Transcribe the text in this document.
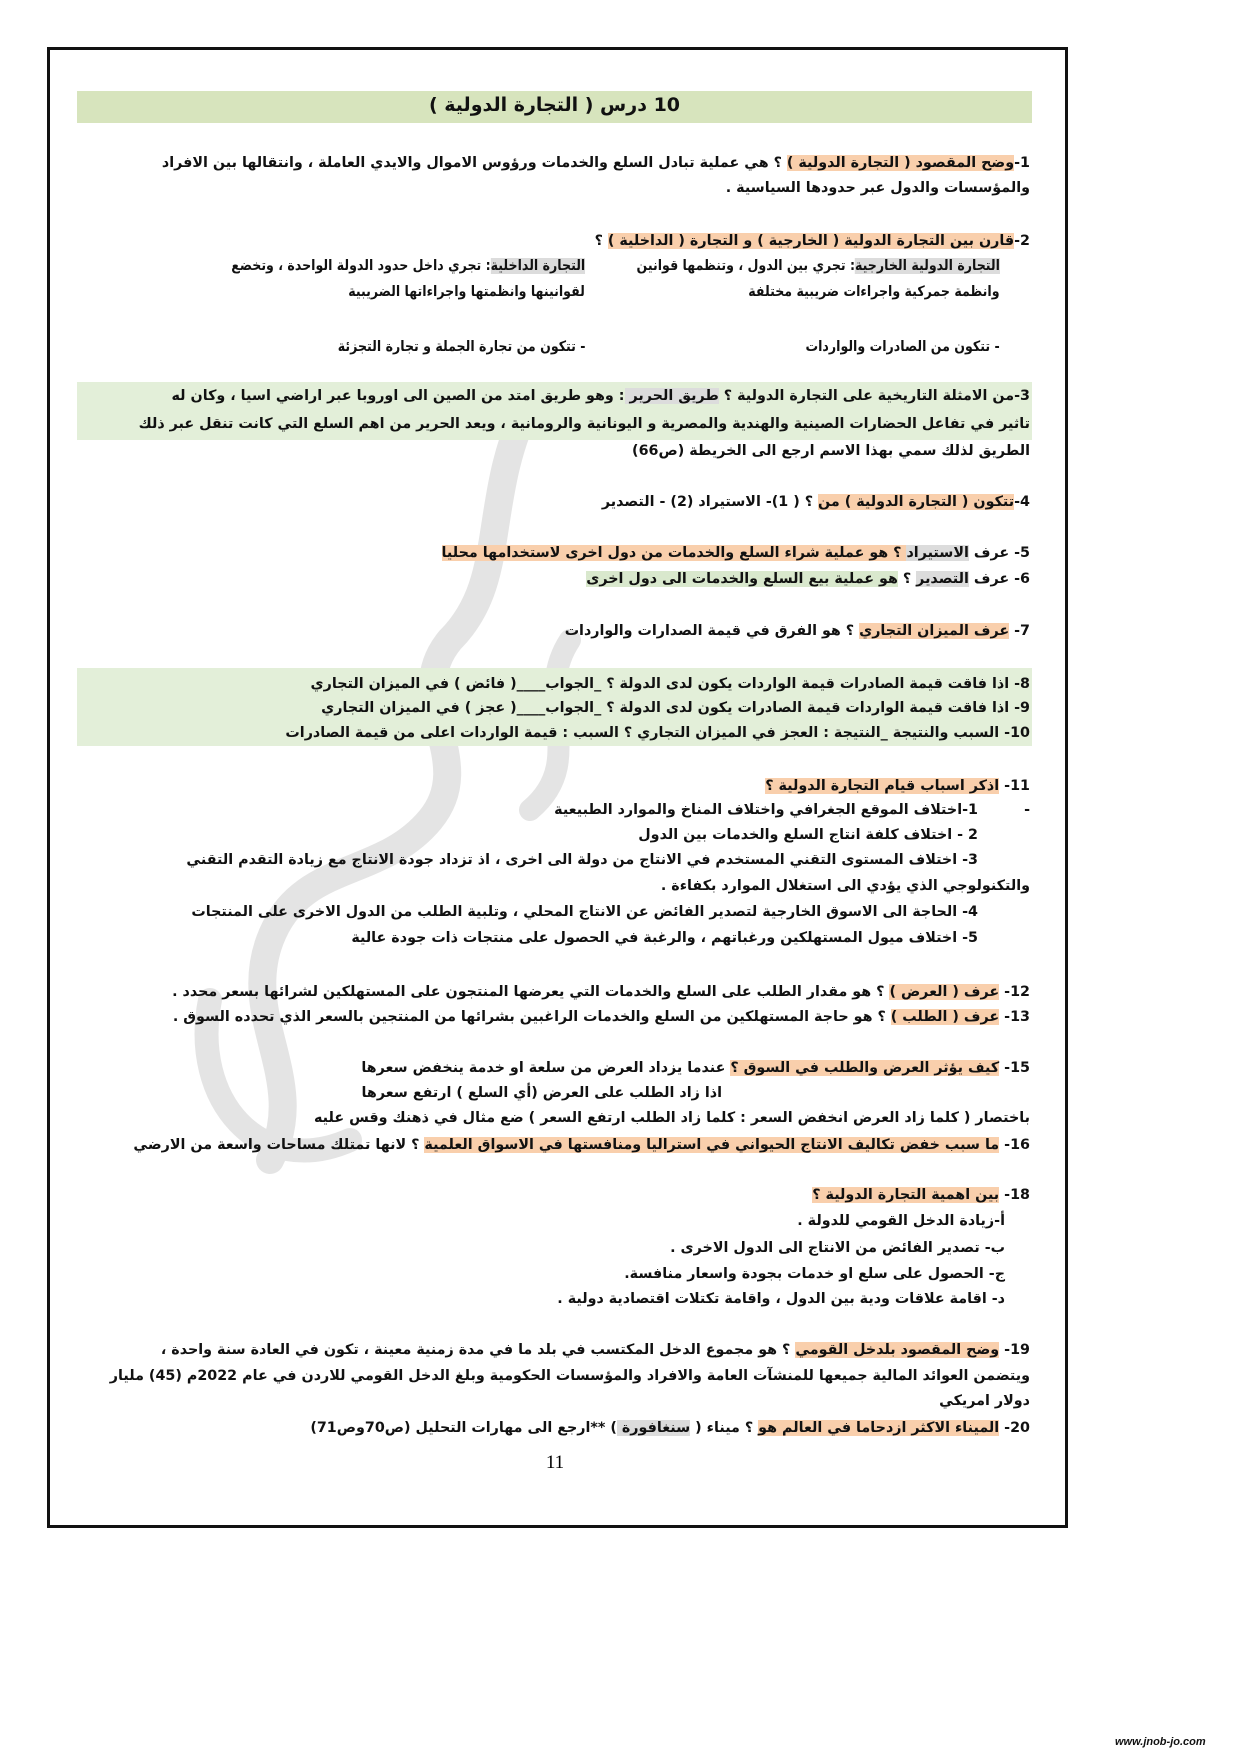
10 درس ( التجارة الدولية )
1-وضح المقصود ( التجارة الدولية ) ؟ هي عملية تبادل السلع والخدمات ورؤوس الاموال والايدي العاملة ، وانتقالها بين الافراد
والمؤسسات والدول عبر حدودها السياسية .
2-قارن بين التجارة الدولية ( الخارجية ) و التجارة ( الداخلية ) ؟
التجارة الدولية الخارجية: تجري بين الدول ، وتنظمها قوانين
التجارة الداخلية: تجري داخل حدود الدولة الواحدة ، وتخضع
وانظمة جمركية واجراءات ضريبية مختلفة
لقوانينها وانظمتها واجراءاتها الضريبية
- تتكون من الصادرات والواردات
- تتكون من تجارة الجملة و تجارة التجزئة
3-من الامثلة التاريخية على التجارة الدولية ؟ طريق الحرير : وهو طريق امتد من الصين الى اوروبا عبر اراضي اسيا ، وكان له
تاثير في تفاعل الحضارات الصينية والهندية والمصرية و اليونانية والرومانية ، ويعد الحرير من اهم السلع التي كانت تنقل عبر ذلك
الطريق لذلك سمي بهذا الاسم ارجع الى الخريطة (ص66)
4-تتكون ( التجارة الدولية ) من ؟ ( 1)- الاستيراد (2) - التصدير
5- عرف الاستيراد ؟ هو عملية شراء السلع والخدمات من دول اخرى لاستخدامها محليا
6- عرف التصدير ؟ هو عملية بيع السلع والخدمات الى دول اخرى
7- عرف الميزان التجاري ؟ هو الفرق في قيمة الصدارات والواردات
8- اذا فاقت قيمة الصادرات قيمة الواردات يكون لدى الدولة ؟ _الجواب____( فائض ) في الميزان التجاري
9- اذا فاقت قيمة الواردات قيمة الصادرات يكون لدى الدولة ؟ _الجواب____( عجز ) في الميزان التجاري
10- السبب والنتيجة _النتيجة : العجز في الميزان التجاري ؟ السبب : قيمة الواردات اعلى من قيمة الصادرات
11- اذكر اسباب قيام التجارة الدولية ؟
-
1-اختلاف الموقع الجغرافي واختلاف المناخ والموارد الطبيعية
2 - اختلاف كلفة انتاج السلع والخدمات بين الدول
3- اختلاف المستوى التقني المستخدم في الانتاج من دولة الى اخرى ، اذ تزداد جودة الانتاج مع زيادة التقدم التقني
والتكنولوجي الذي يؤدي الى استغلال الموارد بكفاءة .
4- الحاجة الى الاسوق الخارجية لتصدير الفائض عن الانتاج المحلي ، وتلبية الطلب من الدول الاخرى على المنتجات
5- اختلاف ميول المستهلكين ورغباتهم ، والرغبة في الحصول على منتجات ذات جودة عالية
12- عرف ( العرض ) ؟ هو مقدار الطلب على السلع والخدمات التي يعرضها المنتجون على المستهلكين لشرائها بسعر محدد .
13- عرف ( الطلب ) ؟ هو حاجة المستهلكين من السلع والخدمات الراغبين بشرائها من المنتجين بالسعر الذي تحدده السوق .
15- كيف يؤثر العرض والطلب في السوق ؟ عندما يزداد العرض من سلعة او خدمة ينخفض سعرها
اذا زاد الطلب على العرض (أي السلع ) ارتفع سعرها
باختصار ( كلما زاد العرض انخفض السعر : كلما زاد الطلب ارتفع السعر ) ضع مثال في ذهنك وقس عليه
16- ما سبب خفض تكاليف الانتاج الحيواني في استراليا ومنافستها في الاسواق العلمية ؟ لانها تمتلك مساحات واسعة من الارضي
18- بين اهمية التجارة الدولية ؟
أ-زيادة الدخل القومي للدولة .
ب- تصدير الفائض من الانتاج الى الدول الاخرى .
ج- الحصول على سلع او خدمات بجودة واسعار منافسة.
د- اقامة علاقات ودية بين الدول ، واقامة تكتلات اقتصادية دولية .
19- وضح المقصود بلدخل القومي ؟ هو مجموع الدخل المكتسب في بلد ما في مدة زمنية معينة ، تكون في العادة سنة واحدة ،
ويتضمن العوائد المالية جميعها للمنشآت العامة والافراد والمؤسسات الحكومية وبلغ الدخل القومي للاردن في عام 2022م (45) مليار
دولار امريكي
20- الميناء الاكثر ازدحاما في العالم هو ؟ ميناء ( سنغافورة ) **ارجع الى مهارات التحليل (ص70وص71)
11
www.jnob-jo.com
